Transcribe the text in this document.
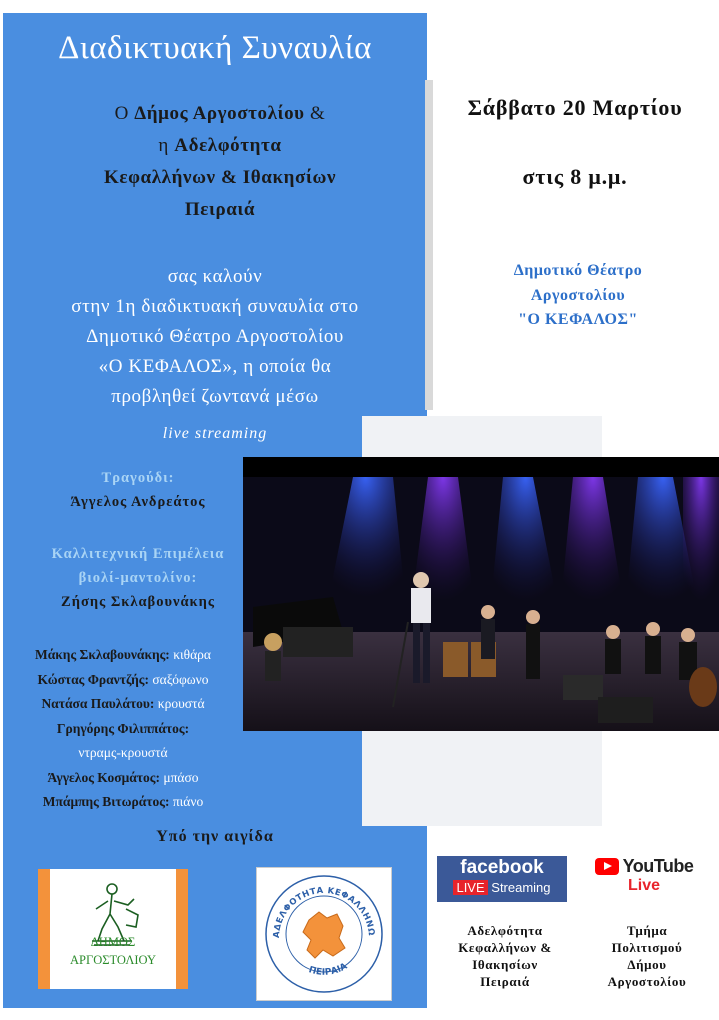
Διαδικτυακή Συναυλία
Ο Δήμος Αργοστολίου &
η Αδελφότητα
Κεφαλλήνων & Ιθακησίων
Πειραιά
σας καλούν
στην 1η διαδικτυακή συναυλία στο
Δημοτικό Θέατρο Αργοστολίου
«Ο ΚΕΦΑΛΟΣ», η οποία θα
προβληθεί ζωντανά μέσω
live streaming
Τραγούδι:
Άγγελος Ανδρεάτος
Καλλιτεχνική Επιμέλεια
βιολί-μαντολίνο:
Ζήσης Σκλαβουνάκης
Μάκης Σκλαβουνάκης: κιθάρα
Κώστας Φραντζής: σαξόφωνο
Νατάσα Παυλάτου: κρουστά
Γρηγόρης Φιλιππάτος:
ντραμς-κρουστά
Άγγελος Κοσμάτος: μπάσο
Μπάμπης Βιτωράτος: πιάνο
Υπό την αιγίδα
ΔΗΜΟΣ
ΑΡΓΟΣΤΟΛΙΟΥ
ΑΔΕΛΦΟΤΗΤΑ ΚΕΦΑΛΛΗΝΩ
ΠΕΙΡΑΙΑ
Σάββατο 20 Μαρτίου
στις 8 μ.μ.
Δημοτικό Θέατρο
Αργοστολίου
"Ο ΚΕΦΑΛΟΣ"
facebook
LIVE Streaming
YouTube
Live
Αδελφότητα
Κεφαλλήνων &
Ιθακησίων
Πειραιά
Τμήμα
Πολιτισμού
Δήμου
Αργοστολίου
